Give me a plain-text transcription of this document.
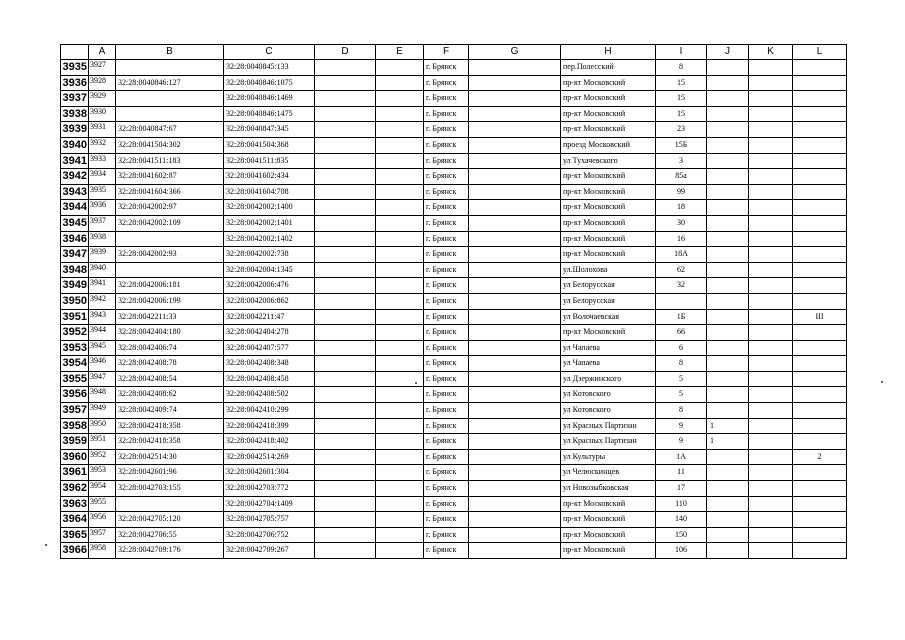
	A	B	C	D	E	F	G	H	I	J	K	L
3935	3927		32:28:0040845:133			г. Брянск		пер.Полесский	8			
3936	3928	32:28:0040846:127	32:28:0040846:1075			г. Брянск		пр-кт Московский	15			
3937	3929		32:28:0040846:1469			г. Брянск		пр-кт Московский	15			
3938	3930		32:28:0040846:1475			г. Брянск		пр-кт Московский	15			
3939	3931	32:28:0040847:67	32:28:0040847:345			г. Брянск		пр-кт Московский	23			
3940	3932	32:28:0041504:302	32:28:0041504:368			г. Брянск		проезд Московский	15Б			
3941	3933	32:28:0041511:183	32:28:0041511:835			г. Брянск		ул Тухачевского	3			
3942	3934	32:28:0041602:87	32:28:0041602:434			г. Брянск		пр-кт Московский	85а			
3943	3935	32:28:0041604:366	32:28:0041604:708			г. Брянск		пр-кт Московский	99			
3944	3936	32:28:0042002:97	32:28:0042002:1400			г. Брянск		пр-кт Московский	18			
3945	3937	32:28:0042002:109	32:28:0042002:1401			г. Брянск		пр-кт Московский	30			
3946	3938		32:28:0042002:1402			г. Брянск		пр-кт Московский	16			
3947	3939	32:28:0042002:93	32:28:0042002:738			г. Брянск		пр-кт Московский	18А			
3948	3940		32:28:0042004:1345			г. Брянск		ул.Шолохова	62			
3949	3941	32:28:0042006:181	32:28:0042006:476			г. Брянск		ул Белорусская	32			
3950	3942	32:28:0042006:199	32:28:0042006:862			г. Брянск		ул Белорусская				
3951	3943	32:28:0042211:33	32:28:0042211:47			г. Брянск		ул Волочаевская	1Б			III
3952	3944	32:28:0042404:180	32:28:0042404:278			г. Брянск		пр-кт Московский	66			
3953	3945	32:28:0042406:74	32:28:0042407:577			г. Брянск		ул Чапаева	6			
3954	3946	32:28:0042408:78	32:28:0042408:348			г. Брянск		ул Чапаева	8			
3955	3947	32:28:0042408:54	32:28:0042408:458			г. Брянск		ул Дзержинского	5			
3956	3948	32:28:0042408:62	32:28:0042408:502			г. Брянск		ул Котовского	5			
3957	3949	32:28:0042409:74	32:28:0042410:299			г. Брянск		ул Котовского	8			
3958	3950	32:28:0042418:358	32:28:0042418:399			г. Брянск		ул Красных Партизан	9	1		
3959	3951	32:28:0042418:358	32:28:0042418:402			г. Брянск		ул Красных Партизан	9	1		
3960	3952	32:28:0042514:30	32:28:0042514:269			г. Брянск		ул Культуры	1А			2
3961	3953	32:28:0042601:96	32:28:0042601:304			г. Брянск		ул Челюскинцев	11			
3962	3954	32:28:0042703:155	32:28:0042703:772			г. Брянск		ул Новозыбковская	17			
3963	3955		32:28:0042704:1409			г. Брянск		пр-кт Московский	110			
3964	3956	32:28:0042705:120	32:28:0042705:757			г. Брянск		пр-кт Московский	140			
3965	3957	32:28:0042706:55	32:28:0042706:752			г. Брянск		пр-кт Московский	150			
3966	3958	32:28:0042709:176	32:28:0042709:267			г. Брянск		пр-кт Московский	106			
